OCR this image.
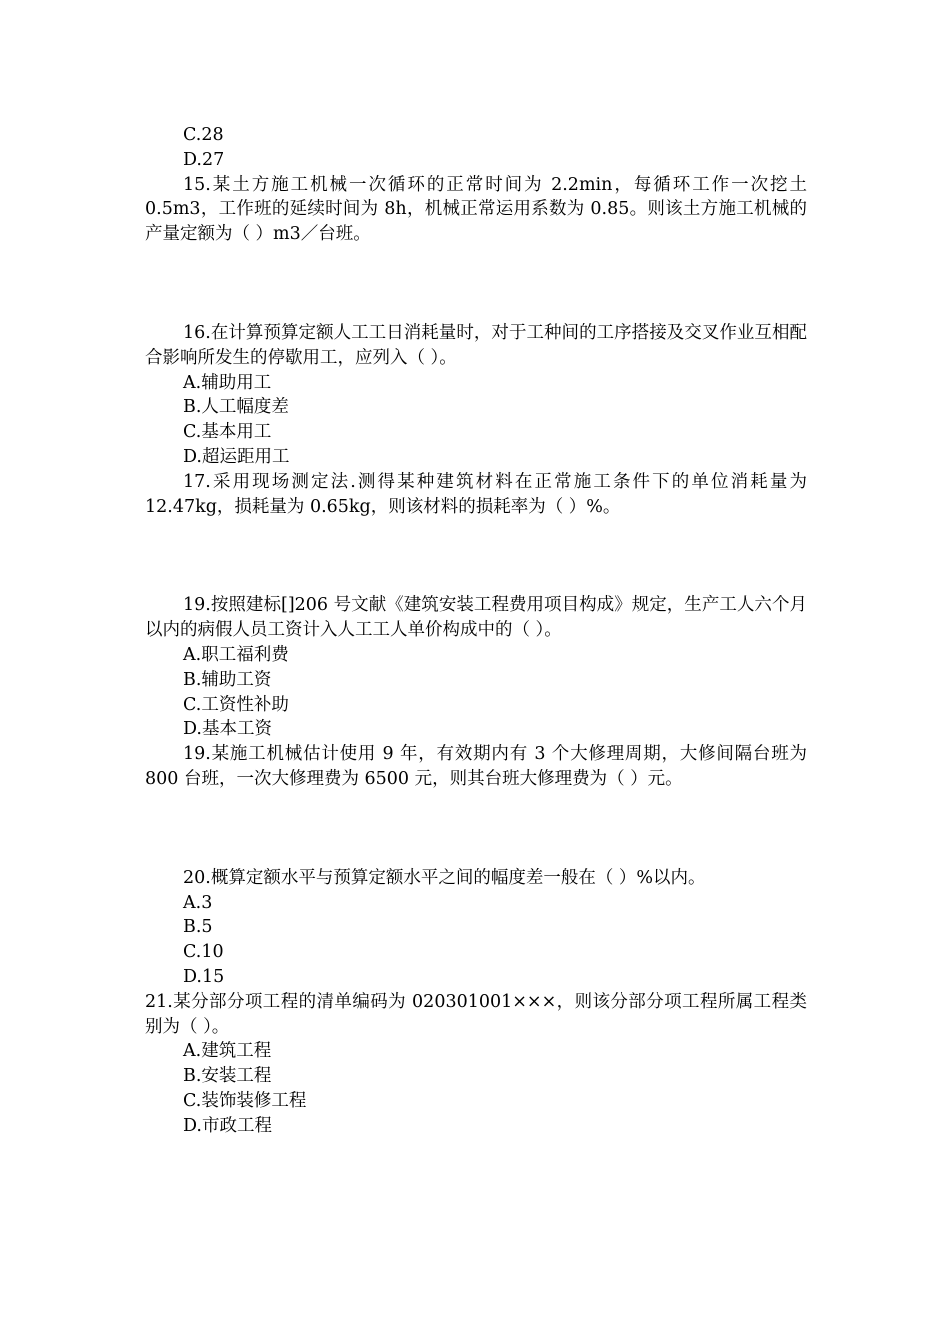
C.28

D.27

15.某土方施工机械一次循环的正常时间为 2.2min，每循环工作一次挖土 0.5m3，工作班的延续时间为 8h，机械正常运用系数为 0.85。则该土方施工机械的产量定额为（ ）m3／台班。

16.在计算预算定额人工工日消耗量时，对于工种间的工序搭接及交叉作业互相配合影响所发生的停歇用工，应列入（ ）。

A.辅助用工

B.人工幅度差

C.基本用工

D.超运距用工

17.采用现场测定法.测得某种建筑材料在正常施工条件下的单位消耗量为 12.47kg，损耗量为 0.65kg，则该材料的损耗率为（ ）%。

19.按照建标[]206 号文献《建筑安装工程费用项目构成》规定，生产工人六个月以内的病假人员工资计入人工工人单价构成中的（ ）。

A.职工福利费

B.辅助工资

C.工资性补助

D.基本工资

19.某施工机械估计使用 9 年，有效期内有 3 个大修理周期，大修间隔台班为 800 台班，一次大修理费为 6500 元，则其台班大修理费为（ ）元。

20.概算定额水平与预算定额水平之间的幅度差一般在（ ）%以内。

A.3

B.5

C.10

D.15

21.某分部分项工程的清单编码为 020301001×××，则该分部分项工程所属工程类别为（ ）。

A.建筑工程

B.安装工程

C.装饰装修工程

D.市政工程
